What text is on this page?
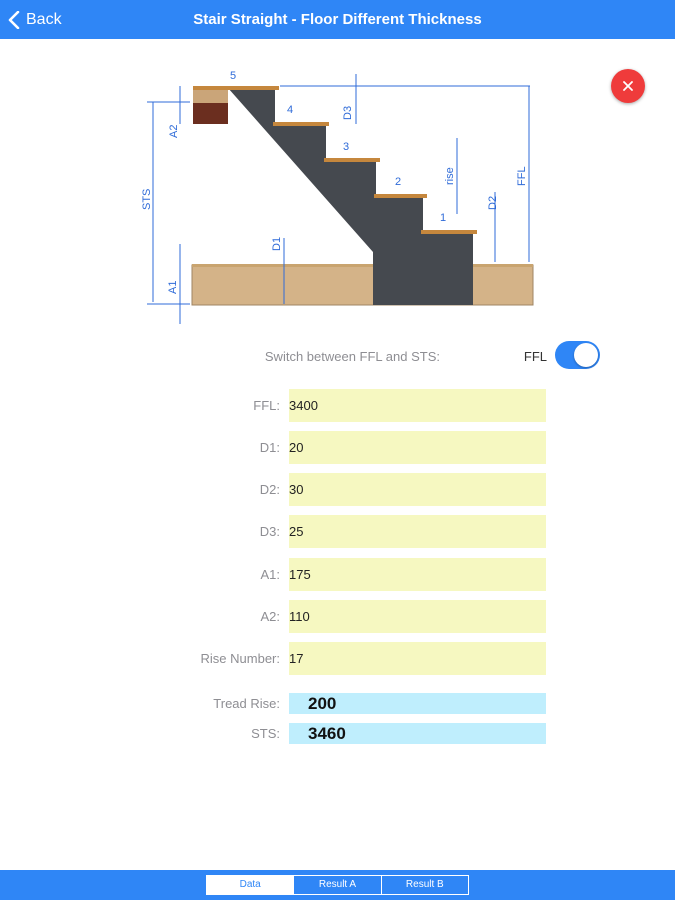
Back	Stair Straight - Floor Different Thickness
5
4
3
2
1
A2
D3
STS
FFL
rise
D2
D1
A1
Switch between FFL and STS:	FFL
FFL:
3400
D1:
20
D2:
30
D3:
25
A1:
175
A2:
110
Rise Number:
17
Tread Rise:	200
STS:	3460
Data	Result A	Result B
